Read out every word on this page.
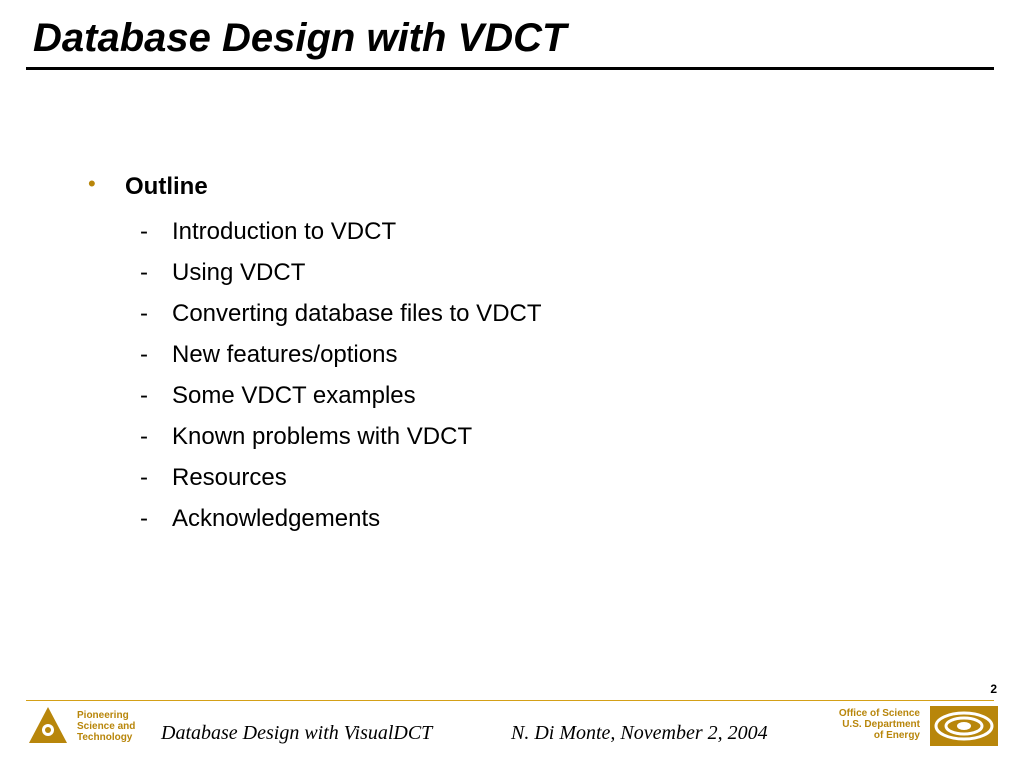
Database Design with VDCT
•	Outline
-	Introduction to VDCT
-	Using VDCT
-	Converting database files to VDCT
-	New features/options
-	Some VDCT examples
-	Known problems with VDCT
-	Resources
-	Acknowledgements
2
Pioneering
Science and
Technology Database Design with VisualDCT	N. Di Monte, November 2, 2004
Office of Science
U.S. Department
of Energy
